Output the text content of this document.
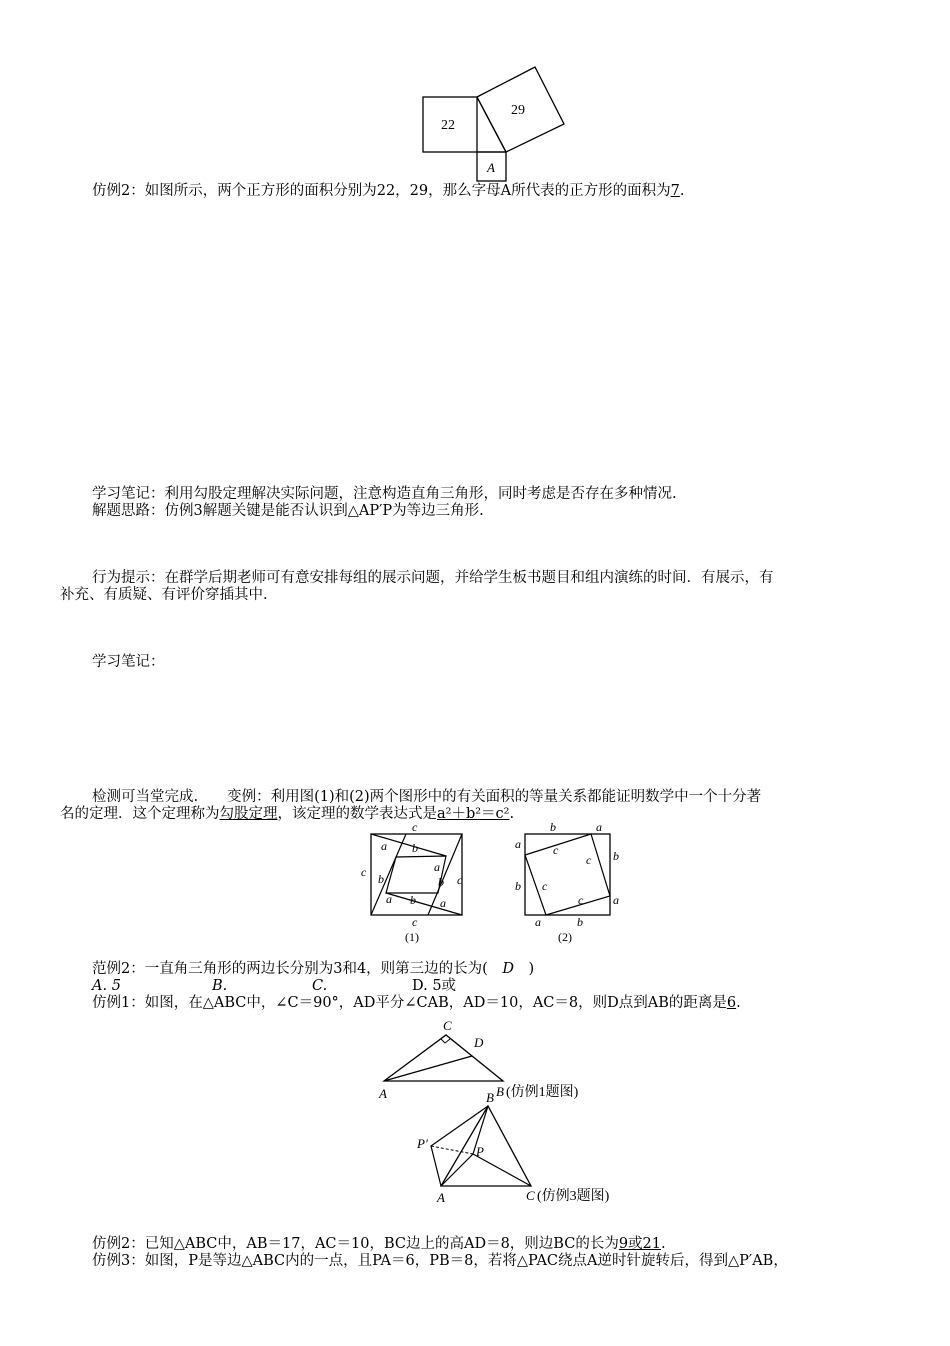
22
29
A
仿例2：如图所示，两个正方形的面积分别为22，29，那么字母A所代表的正方形的面积为7.
学习笔记：利用勾股定理解决实际问题，注意构造直角三角形，同时考虑是否存在多种情况.
解题思路：仿例3解题关键是能否认识到△AP′P为等边三角形.
行为提示：在群学后期老师可有意安排每组的展示问题，并给学生板书题目和组内演练的时间．有展示，有
补充、有质疑、有评价穿插其中.
学习笔记：
检测可当堂完成.　　变例：利用图(1)和(2)两个图形中的有关面积的等量关系都能证明数学中一个十分著
名的定理．这个定理称为勾股定理，该定理的数学表达式是a²＋b²＝c².
c
a b
a
c
c
b
a
b
b a
c
(1)
b	a
a	c	b
c
b c
c a
a	b
(2)
范例2：一直角三角形的两边长分别为3和4，则第三边的长为(　 D　 )
A. 5	B.	C.	D. 5或
仿例1：如图，在△ABC中，∠C＝90°，AD平分∠CAB，AD＝10，AC＝8，则D点到AB的距离是6.
C
D
A	B (仿例1题图)
B
P′
P
A	C (仿例3题图)
仿例2：已知△ABC中，AB＝17，AC＝10，BC边上的高AD＝8，则边BC的长为9或21.
仿例3：如图，P是等边△ABC内的一点，且PA＝6，PB＝8，若将△PAC绕点A逆时针旋转后，得到△P′AB，
